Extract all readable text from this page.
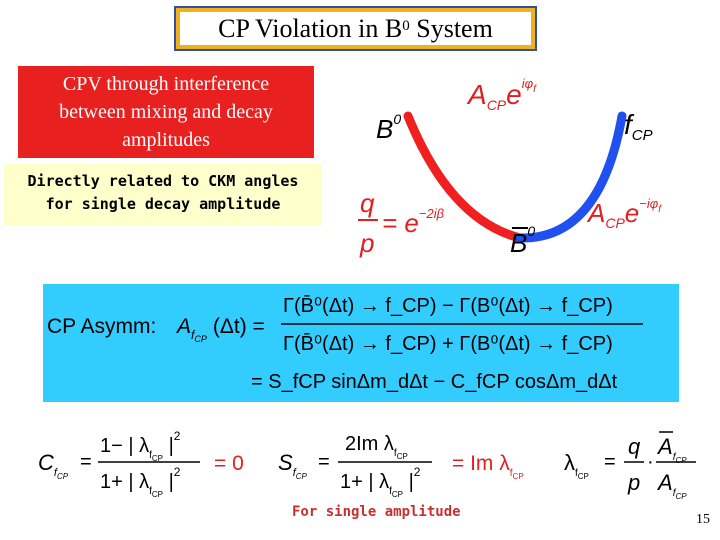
CP Violation in $B^0$ System
CPV through interference
between mixing and decay
amplitudes
Directly related to CKM angles
for single decay amplitude
$A_{CP}e^{i\varphi}f$
$B^0$	$f_{CP}$
q
p
= $e^{-2i\beta}$	$A_{CP}e^{-i\varphi}f$
$B^0$
CP Asymm: $A_fCP(\Delta t)$ =
Γ(B̄⁰(Δt) → f_CP) − Γ(B⁰(Δt) → f_CP)
Γ(B̄⁰(Δt) → f_CP) + Γ(B⁰(Δt) → f_CP)
= S_fCP sinΔm_dΔt − C_fCP cosΔm_dΔt
$C_fCP$
=
1− | $\lambda_fCP$ $|^2$
1+ | $\lambda_fCP$ $|^2 = 0$ $S_fCP$
=
2Im $\lambda_fCP$
1+ | $\lambda_fCP$ $|^2 = Im$ $\lambda_fCP$
$\lambda_fCP$
=
q
p
·
$A_fCP$
$A_fCP$
For single amplitude	15
